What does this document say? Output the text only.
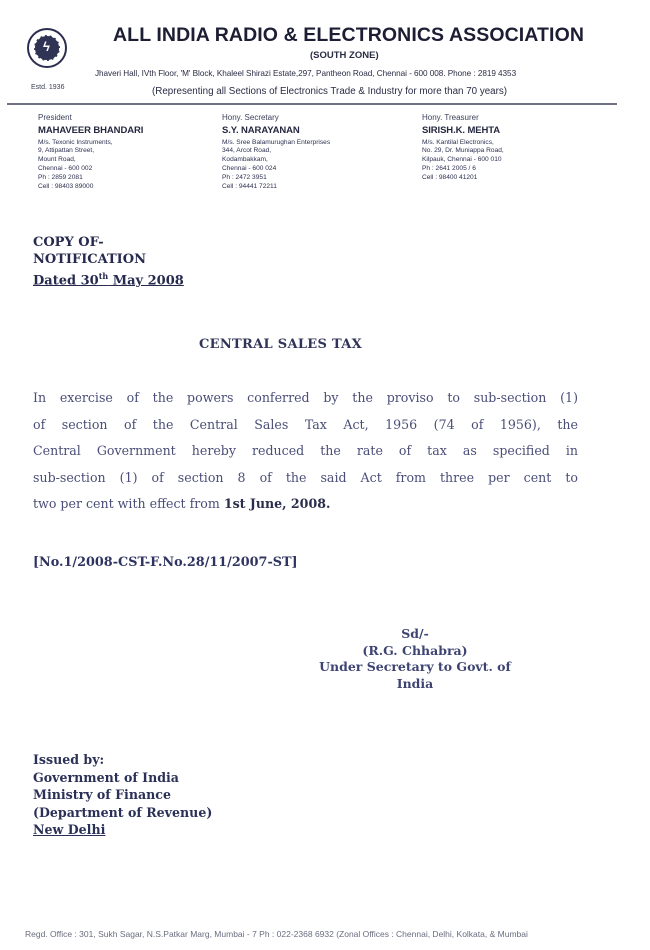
ϟ
Estd. 1936
ALL INDIA RADIO & ELECTRONICS ASSOCIATION
(SOUTH ZONE)
Jhaveri Hall, IVth Floor, 'M' Block, Khaleel Shirazi Estate,297, Pantheon Road, Chennai - 600 008. Phone : 2819 4353
(Representing all Sections of Electronics Trade & Industry for more than 70 years)
President
MAHAVEER BHANDARI
M/s. Texonic Instruments,
9, Attipattan Street,
Mount Road,
Chennai - 600 002
Ph : 2859 2081
Cell : 98403 89000
Hony. Secretary
S.Y. NARAYANAN
M/s. Sree Balamurughan Enterprises
344, Arcot Road,
Kodambakkam,
Chennai - 600 024
Ph : 2472 3951
Cell : 94441 72211
Hony. Treasurer
SIRISH.K. MEHTA
M/s. Kantilal Electronics,
No. 29, Dr. Muniappa Road,
Kilpauk, Chennai - 600 010
Ph : 2641 2005 / 6
Cell : 98400 41201
COPY OF-
NOTIFICATION
Dated 30th May 2008
CENTRAL SALES TAX
In exercise of the powers conferred by the proviso to sub-section (1)
of section of the Central Sales Tax Act, 1956 (74 of 1956), the
Central Government hereby reduced the rate of tax as specified in
sub-section (1) of section 8 of the said Act from three per cent to
two per cent with effect from 1st June, 2008.
[No.1/2008-CST-F.No.28/11/2007-ST]
Sd/-
(R.G. Chhabra)
Under Secretary to Govt. of
India
Issued by:
Government of India
Ministry of Finance
(Department of Revenue)
New Delhi
Regd. Office : 301, Sukh Sagar, N.S.Patkar Marg, Mumbai - 7 Ph : 022-2368 6932 (Zonal Offices : Chennai, Delhi, Kolkata, & Mumbai
